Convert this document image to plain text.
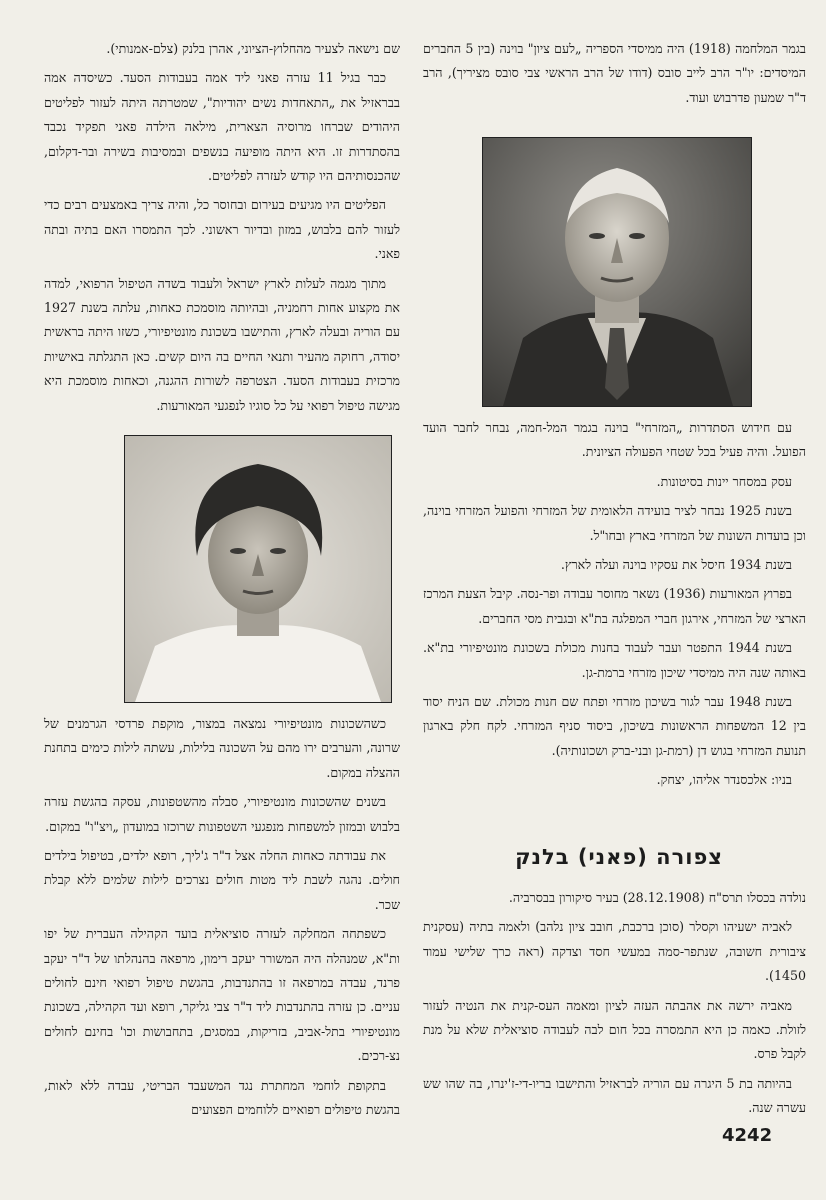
בגמר המלחמה (1918) היה ממיסדי הספריה „לעם ציון" בוינה (בין 5 החברים המיסדים: יו"ר הרב לייב סובס (דודו של הרב הראשי צבי סובס מציריך), הרב ד"ר שמעון פדרבוש ועוד.

עם חידוש הסתדרות „המזרחי" בוינה בגמר המל-חמה, נבחר לחבר הועד הפועל. והיה פעיל בכל שטחי הפעולה הציונית.

עסק במסחר יינות בסיטונות.

בשנת 1925 נבחר לציר בועידה הלאומית של המזרחי והפועל המזרחי בוינה, וכן בועדות השונות של המזרחי בארץ ובחו"ל.

בשנת 1934 חיסל את עסקיו בוינה ועלה לארץ.

בפרוץ המאורעות (1936) נשאר מחוסר עבודה ופר-נסה. קיבל הצעת המרכז הארצי של המזרחי, אירגון חברי המפלגה בת"א ובגבית מסי החברים.

בשנת 1944 התפטר ועבר לעבוד בחנות מכולת בשכונת מונטיפיורי בת"א. באותה שנה היה ממיסדי שיכון מזרחי ברמת-גן.

בשנת 1948 עבר לגור בשיכון מזרחי ופתח שם חנות מכולת. שם הניח יסוד בין 12 המשפחות הראשונות בשיכון, ביסוד סניף המזרחי. לקח חלק בארגון תנועת המזרחי בגוש דן (רמת-גן ובני-ברק ושכונותיה).

בניו: אלכסנדר אליהו, יצחק.

צפורה (פאני) בלנק

נולדה בכסלו תרס"ח (28.12.1908) בעיר סיקורון בבסרביה.

לאביה ישעיהו וקסלר (סוכן ברכבת, חובב ציון נלהב) ולאמה בתיה (עסקנית ציבורית חשובה, שנתפר-סמה במעשי חסד וצדקה (ראה כרך שלישי עמוד 1450).

מאביה ירשה את אהבתה העזה לציון ומאמה העס-קנית את הנטיה לעזור לזולת. כאמה כן היא התמסרה בכל חום לבה לעבודה סוציאלית שלא על מנת לקבל פרס.

בהיותה בת 5 היגרה עם הוריה לבראזיל והתישבו בריו-די-ז'ינרו, בה שהו שש עשרה שנה.

שם נישאה לצעיר מהחלוץ-הציוני, אהרן בלנק (צלם-אמנותי).

כבר בגיל 11 עזרה פאני ליד אמה בעבודות הסעד. כשיסדה אמה בבראזיל את „התאחדות נשים יהודיות", שמטרתה היתה לעזור לפליטים היהודים שברחו מרוסיה הצארית, מילאה הילדה פאני תפקיד נכבד בהסתדרות זו. היא היתה מופיעה בנשפים ובמסיבות בשירה ובר-דקלום, שהכנסותיהם היו קודש לעזרה לפליטים.

הפליטים היו מגיעים בעירום ובחוסר כל, והיה צריך באמצעים רבים כדי לעזור להם בלבוש, במזון ובדיור ראשוני. לכך התמסרו האם בתיה ובתה פאני.

מתוך מגמה לעלות לארץ ישראל ולעבוד בשדה הטיפול הרפואי, למדה את מקצוע אחות רחמניה, ובהיותה מוסמכת כאחות, עלתה בשנת 1927 עם הוריה ובעלה לארץ, והתישבו בשכונת מונטיפיורי, כשזו היתה בראשית יסודה, רחוקה מהעיר ותנאי החיים בה היום קשים. כאן התגלתה באישיות מרכזית בעבודות הסעד. הצטרפה לשורות ההגנה, וכאחות מוסמכת היא מגישה טיפול רפואי על כל סוגיו לנפגעי המאורעות.

כשהשכונות מונטיפיורי נמצאה במצור, מוקפת פרדסי הגרמנים של שרונה, והערבים ירו מהם על השכונה בלילות, עשתה לילות כימים בתחנת ההצלה במקום.

בשנים שהשכונות מונטיפיורי, סבלה מהשטפונות, עסקה בהגשת עזרה בלבוש ובמזון למשפחות מנפגעי השטפונות שרוכזו במועדון „ויצ"ו" במקום.

את עבודתה כאחות החלה אצל ד"ר ג'ליך, רופא ילדים, בטיפול בילדים חולים. נהגה לשבת ליד מטות חולים נצרכים לילות שלמים ללא קבלת שכר.

כשפתחה המחלקה לעזרה סוציאלית בועד הקהילה העברית של יפו ות"א, שמנהלה היה המשורר יעקב רימון, מרפאה בהנהלתו של ד"ר יעקב פרנד, עבדה במרפאה זו בהתנדבות, בהגשת טיפול רפואי חינם לחולים עניים. כן עזרה בהתנדבות ליד ד"ר צבי גליקר, רופא ועד הקהילה, בשכונת מונטיפיורי בתל-אביב, בזריקות, במסגים, בתחבושות וכו' בחינם לחולים נצ-רכים.

בתקופת לוחמי המחתרת נגד המשעבד הבריטי, עבדה ללא לאות, בהגשת טיפולים רפואיים ללוחמים הפצועים

4242
